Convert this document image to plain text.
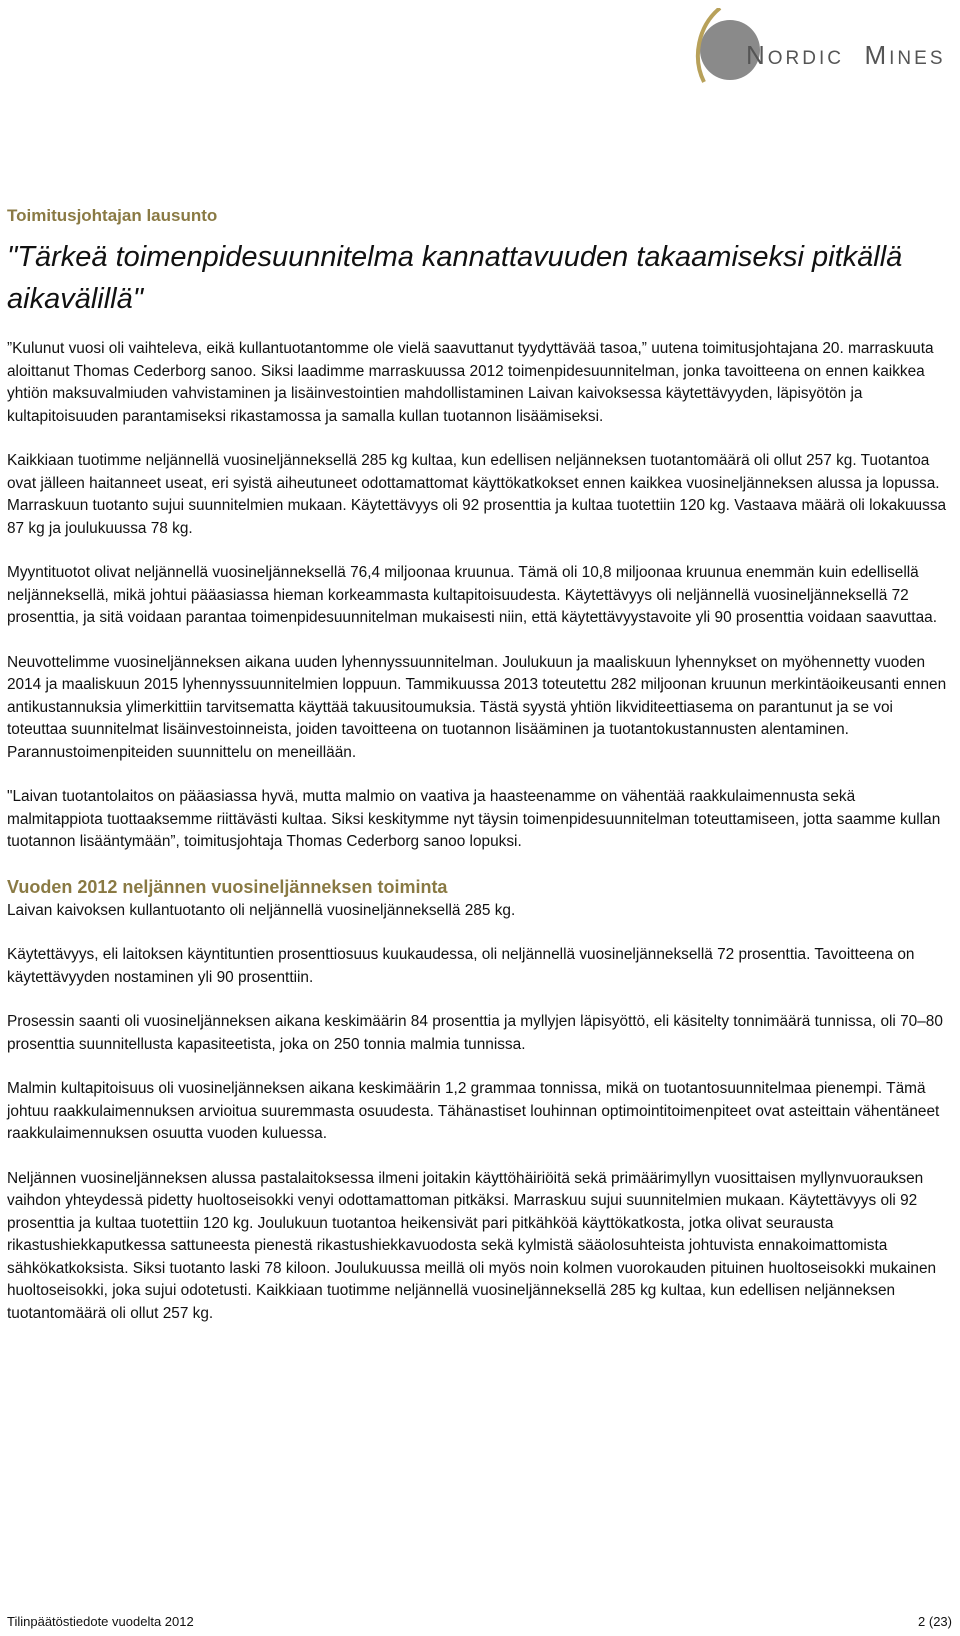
NORDIC MINES

Toimitusjohtajan lausunto

"Tärkeä toimenpidesuunnitelma kannattavuuden takaamiseksi pitkällä aikavälillä"

”Kulunut vuosi oli vaihteleva, eikä kullantuotantomme ole vielä saavuttanut tyydyttävää tasoa,” uutena toimitusjohtajana 20. marraskuuta aloittanut Thomas Cederborg sanoo. Siksi laadimme marraskuussa 2012 toimenpidesuunnitelman, jonka tavoitteena on ennen kaikkea yhtiön maksuvalmiuden vahvistaminen ja lisäinvestointien mahdollistaminen Laivan kaivoksessa käytettävyyden, läpisyötön ja kultapitoisuuden parantamiseksi rikastamossa ja samalla kullan tuotannon lisäämiseksi.

Kaikkiaan tuotimme neljännellä vuosineljänneksellä 285 kg kultaa, kun edellisen neljänneksen tuotantomäärä oli ollut 257 kg. Tuotantoa ovat jälleen haitanneet useat, eri syistä aiheutuneet odottamattomat käyttökatkokset ennen kaikkea vuosineljänneksen alussa ja lopussa. Marraskuun tuotanto sujui suunnitelmien mukaan. Käytettävyys oli 92 prosenttia ja kultaa tuotettiin 120 kg. Vastaava määrä oli lokakuussa 87 kg ja joulukuussa 78 kg.

Myyntituotot olivat neljännellä vuosineljänneksellä 76,4 miljoonaa kruunua. Tämä oli 10,8 miljoonaa kruunua enemmän kuin edellisellä neljänneksellä, mikä johtui pääasiassa hieman korkeammasta kultapitoisuudesta. Käytettävyys oli neljännellä vuosineljänneksellä 72 prosenttia, ja sitä voidaan parantaa toimenpidesuunnitelman mukaisesti niin, että käytettävyystavoite yli 90 prosenttia voidaan saavuttaa.

Neuvottelimme vuosineljänneksen aikana uuden lyhennyssuunnitelman. Joulukuun ja maaliskuun lyhennykset on myöhennetty vuoden 2014 ja maaliskuun 2015 lyhennyssuunnitelmien loppuun. Tammikuussa 2013 toteutettu 282 miljoonan kruunun merkintäoikeusanti ennen antikustannuksia ylimerkittiin tarvitsematta käyttää takuusitoumuksia. Tästä syystä yhtiön likviditeettiasema on parantunut ja se voi toteuttaa suunnitelmat lisäinvestoinneista, joiden tavoitteena on tuotannon lisääminen ja tuotantokustannusten alentaminen. Parannustoimenpiteiden suunnittelu on meneillään.

"Laivan tuotantolaitos on pääasiassa hyvä, mutta malmio on vaativa ja haasteenamme on vähentää raakkulaimennusta sekä malmitappiota tuottaaksemme riittävästi kultaa. Siksi keskitymme nyt täysin toimenpidesuunnitelman toteuttamiseen, jotta saamme kullan tuotannon lisääntymään”, toimitusjohtaja Thomas Cederborg sanoo lopuksi.

Vuoden 2012 neljännen vuosineljänneksen toiminta

Laivan kaivoksen kullantuotanto oli neljännellä vuosineljänneksellä 285 kg.

Käytettävyys, eli laitoksen käyntituntien prosenttiosuus kuukaudessa, oli neljännellä vuosineljänneksellä 72 prosenttia. Tavoitteena on käytettävyyden nostaminen yli 90 prosenttiin.

Prosessin saanti oli vuosineljänneksen aikana keskimäärin 84 prosenttia ja myllyjen läpisyöttö, eli käsitelty tonnimäärä tunnissa, oli 70–80 prosenttia suunnitellusta kapasiteetista, joka on 250 tonnia malmia tunnissa.

Malmin kultapitoisuus oli vuosineljänneksen aikana keskimäärin 1,2 grammaa tonnissa, mikä on tuotantosuunnitelmaa pienempi. Tämä johtuu raakkulaimennuksen arvioitua suuremmasta osuudesta. Tähänastiset louhinnan optimointitoimenpiteet ovat asteittain vähentäneet raakkulaimennuksen osuutta vuoden kuluessa.

Neljännen vuosineljänneksen alussa pastalaitoksessa ilmeni joitakin käyttöhäiriöitä sekä primäärimyllyn vuosittaisen myllynvuorauksen vaihdon yhteydessä pidetty huoltoseisokki venyi odottamattoman pitkäksi. Marraskuu sujui suunnitelmien mukaan. Käytettävyys oli 92 prosenttia ja kultaa tuotettiin 120 kg. Joulukuun tuotantoa heikensivät pari pitkähköä käyttökatkosta, jotka olivat seurausta rikastushiekkaputkessa sattuneesta pienestä rikastushiekkavuodosta sekä kylmistä sääolosuhteista johtuvista ennakoimattomista sähkökatkoksista. Siksi tuotanto laski 78 kiloon. Joulukuussa meillä oli myös noin kolmen vuorokauden pituinen huoltoseisokki mukainen huoltoseisokki, joka sujui odotetusti. Kaikkiaan tuotimme neljännellä vuosineljänneksellä 285 kg kultaa, kun edellisen neljänneksen tuotantomäärä oli ollut 257 kg.

Tilinpäätöstiedote vuodelta 2012	2 (23)
